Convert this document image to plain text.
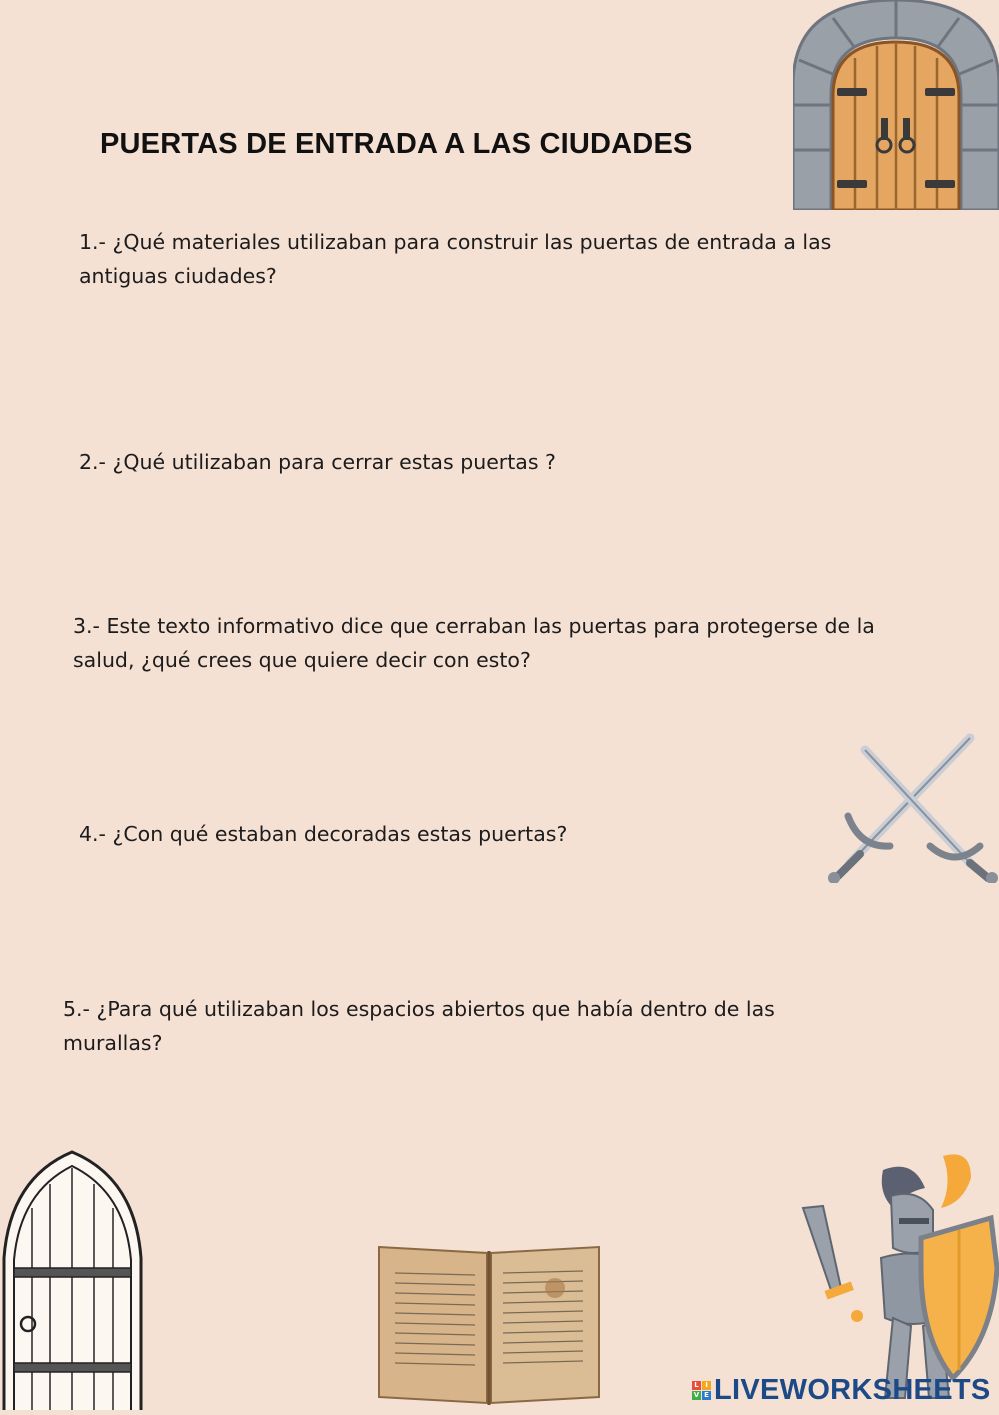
PUERTAS DE ENTRADA A LAS CIUDADES
1.- ¿Qué materiales utilizaban para construir las puertas de entrada a las
antiguas ciudades?
2.- ¿Qué utilizaban para cerrar estas puertas ?
3.- Este texto informativo dice que cerraban las puertas para protegerse de la
salud, ¿qué crees que quiere decir con esto?
4.- ¿Con qué estaban decoradas estas puertas?
5.- ¿Para qué utilizaban los espacios abiertos que había dentro de las
murallas?
L I
V E LIVEWORKSHEETS
